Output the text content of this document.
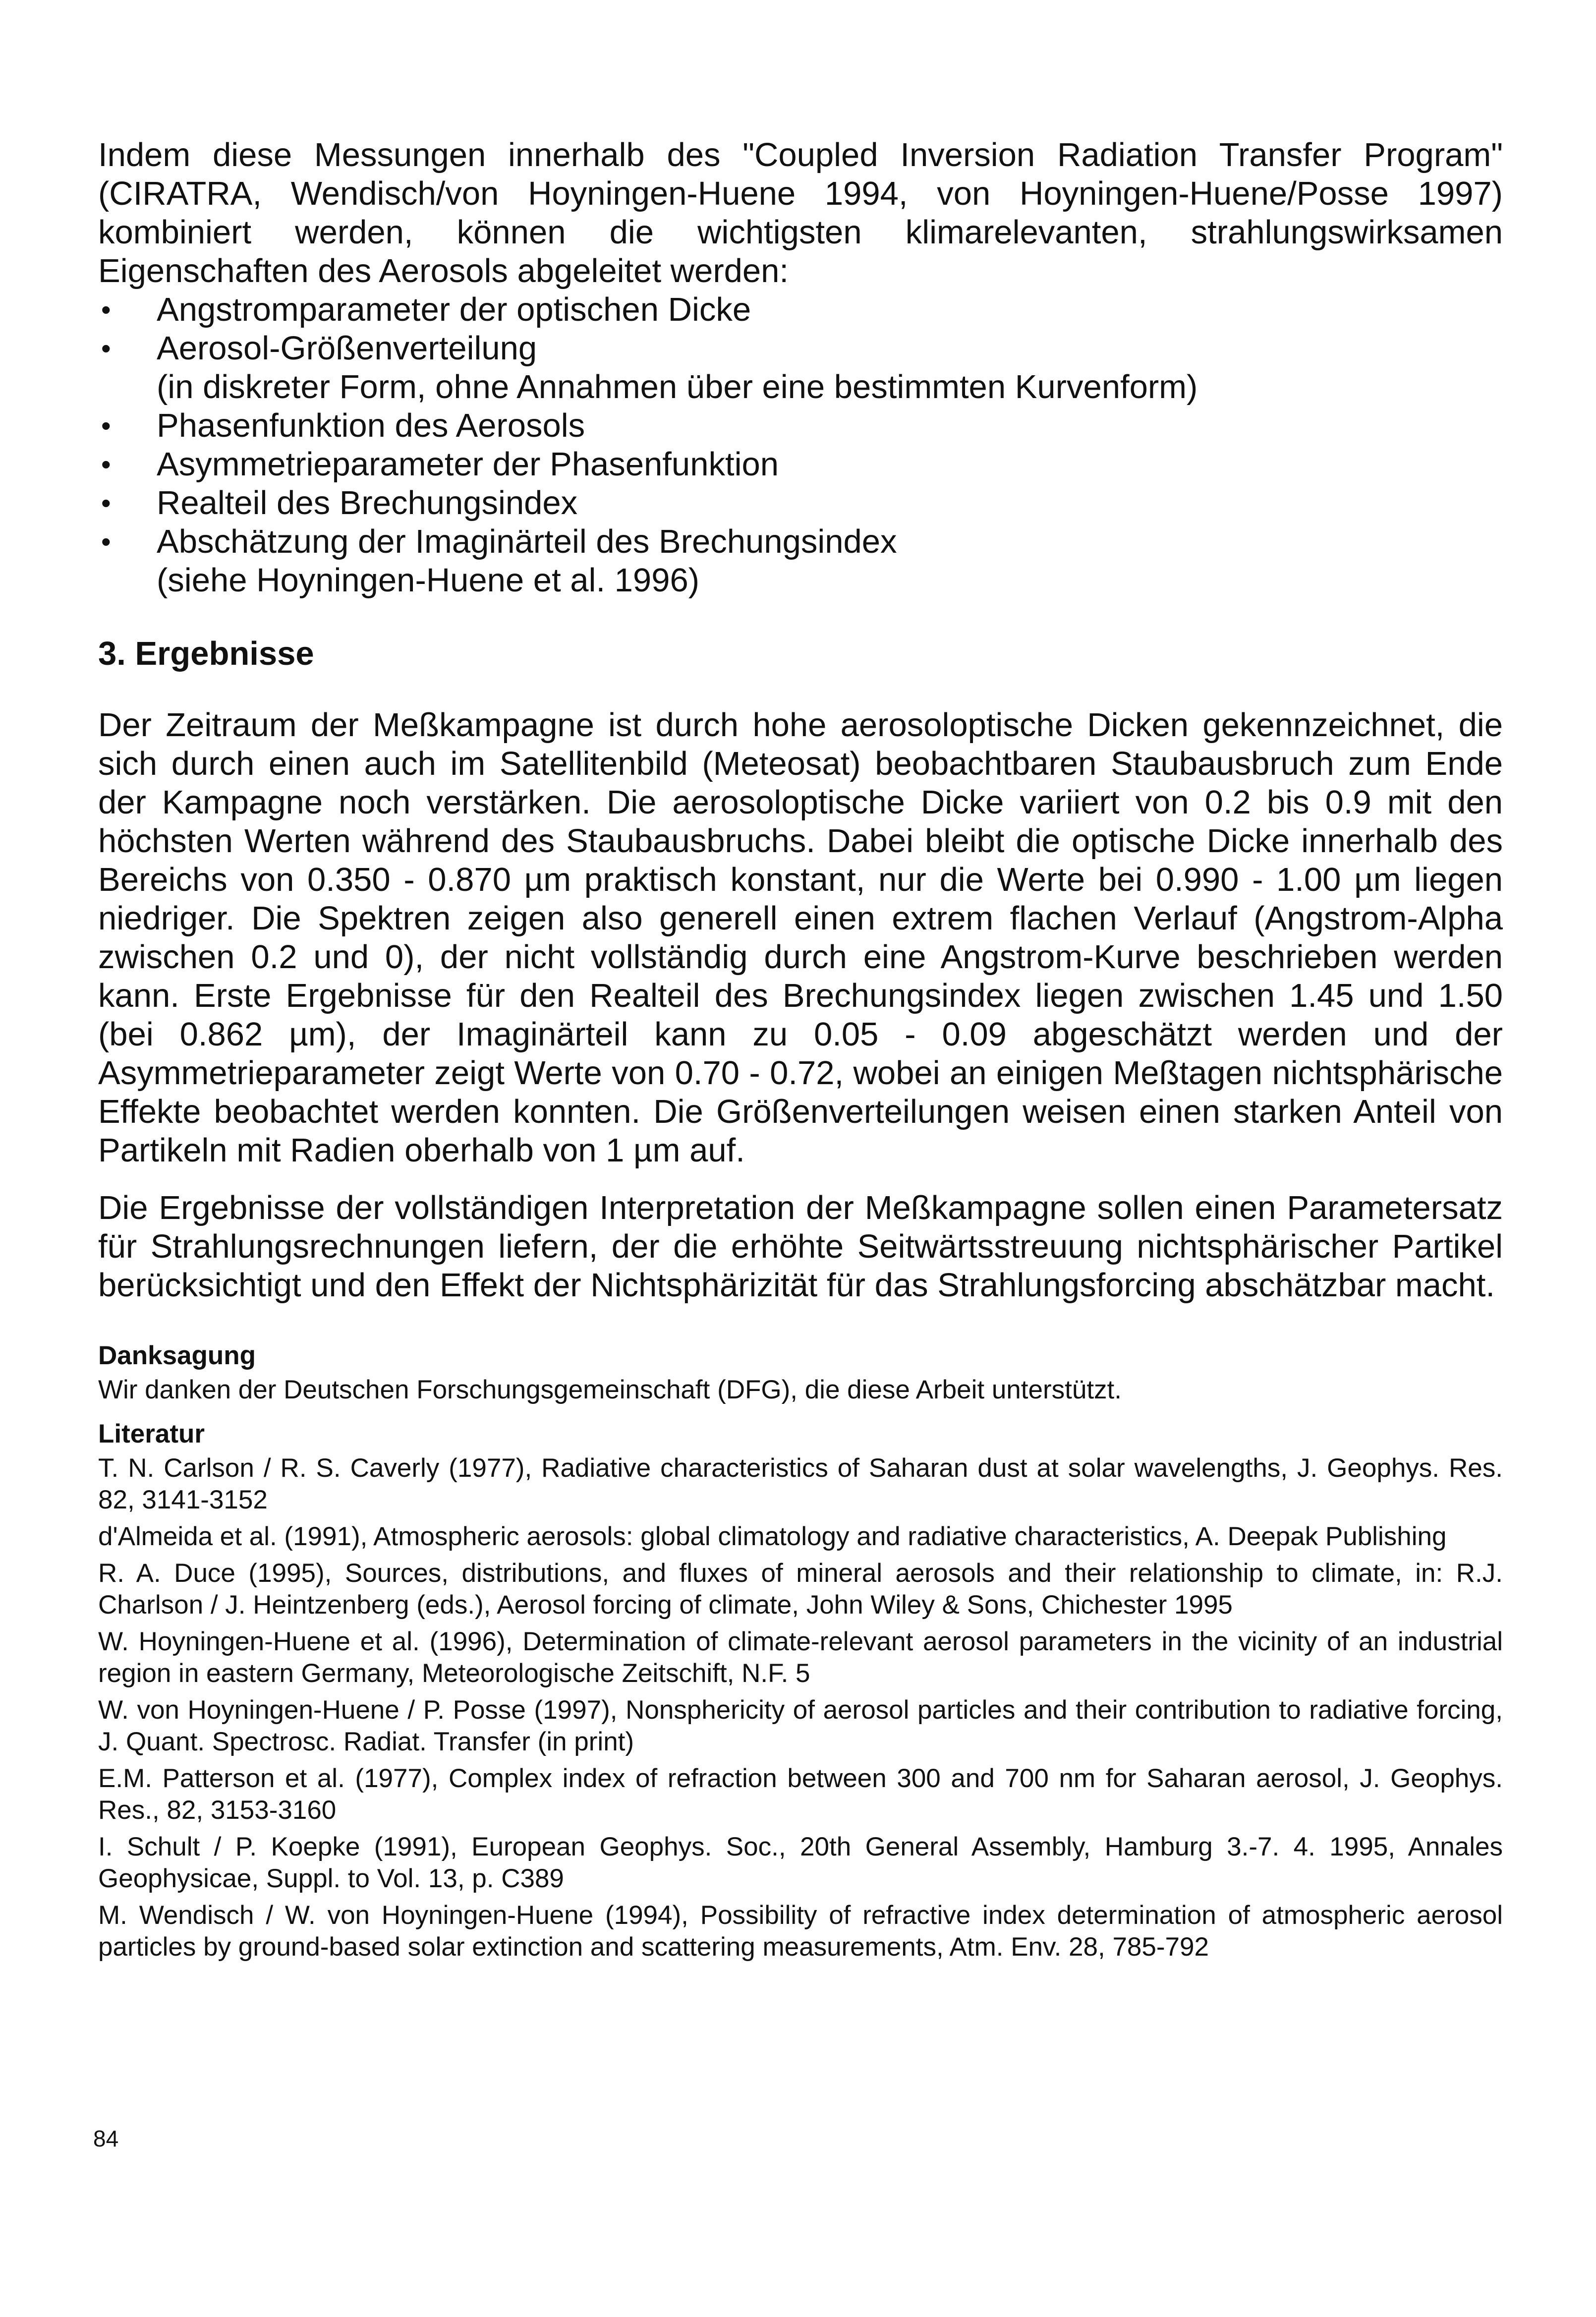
Indem diese Messungen innerhalb des "Coupled Inversion Radiation Transfer Program" (CIRATRA, Wendisch/von Hoyningen-Huene 1994, von Hoyningen-Huene/Posse 1997) kombiniert werden, können die wichtigsten klimarelevanten, strahlungswirksamen Eigenschaften des Aerosols abgeleitet werden:

• Angstromparameter der optischen Dicke
• Aerosol-Größenverteilung
(in diskreter Form, ohne Annahmen über eine bestimmten Kurvenform)
• Phasenfunktion des Aerosols
• Asymmetrieparameter der Phasenfunktion
• Realteil des Brechungsindex
• Abschätzung der Imaginärteil des Brechungsindex
(siehe Hoyningen-Huene et al. 1996)
3. Ergebnisse

Der Zeitraum der Meßkampagne ist durch hohe aerosoloptische Dicken gekennzeichnet, die sich durch einen auch im Satellitenbild (Meteosat) beobachtbaren Staubausbruch zum Ende der Kampagne noch verstärken. Die aerosoloptische Dicke variiert von 0.2 bis 0.9 mit den höchsten Werten während des Staubausbruchs. Dabei bleibt die optische Dicke innerhalb des Bereichs von 0.350 - 0.870 µm praktisch konstant, nur die Werte bei 0.990 - 1.00 µm liegen niedriger. Die Spektren zeigen also generell einen extrem flachen Verlauf (Angstrom-Alpha zwischen 0.2 und 0), der nicht vollständig durch eine Angstrom-Kurve beschrieben werden kann. Erste Ergebnisse für den Realteil des Brechungsindex liegen zwischen 1.45 und 1.50 (bei 0.862 µm), der Imaginärteil kann zu 0.05 - 0.09 abgeschätzt werden und der Asymmetrieparameter zeigt Werte von 0.70 - 0.72, wobei an einigen Meßtagen nichtsphärische Effekte beobachtet werden konnten. Die Größenverteilungen weisen einen starken Anteil von Partikeln mit Radien oberhalb von 1 µm auf.

Die Ergebnisse der vollständigen Interpretation der Meßkampagne sollen einen Parametersatz für Strahlungsrechnungen liefern, der die erhöhte Seitwärtsstreuung nichtsphärischer Partikel berücksichtigt und den Effekt der Nichtsphärizität für das Strahlungsforcing abschätzbar macht.

Danksagung

Wir danken der Deutschen Forschungsgemeinschaft (DFG), die diese Arbeit unterstützt.

Literatur

T. N. Carlson / R. S. Caverly (1977), Radiative characteristics of Saharan dust at solar wavelengths, J. Geophys. Res. 82, 3141-3152

d'Almeida et al. (1991), Atmospheric aerosols: global climatology and radiative characteristics, A. Deepak Publishing

R. A. Duce (1995), Sources, distributions, and fluxes of mineral aerosols and their relationship to climate, in: R.J. Charlson / J. Heintzenberg (eds.), Aerosol forcing of climate, John Wiley & Sons, Chichester 1995

W. Hoyningen-Huene et al. (1996), Determination of climate-relevant aerosol parameters in the vicinity of an industrial region in eastern Germany, Meteorologische Zeitschift, N.F. 5

W. von Hoyningen-Huene / P. Posse (1997), Nonsphericity of aerosol particles and their contribution to radiative forcing, J. Quant. Spectrosc. Radiat. Transfer (in print)

E.M. Patterson et al. (1977), Complex index of refraction between 300 and 700 nm for Saharan aerosol, J. Geophys. Res., 82, 3153-3160

I. Schult / P. Koepke (1991), European Geophys. Soc., 20th General Assembly, Hamburg 3.-7. 4. 1995, Annales Geophysicae, Suppl. to Vol. 13, p. C389

M. Wendisch / W. von Hoyningen-Huene (1994), Possibility of refractive index determination of atmospheric aerosol particles by ground-based solar extinction and scattering measurements, Atm. Env. 28, 785-792

84
